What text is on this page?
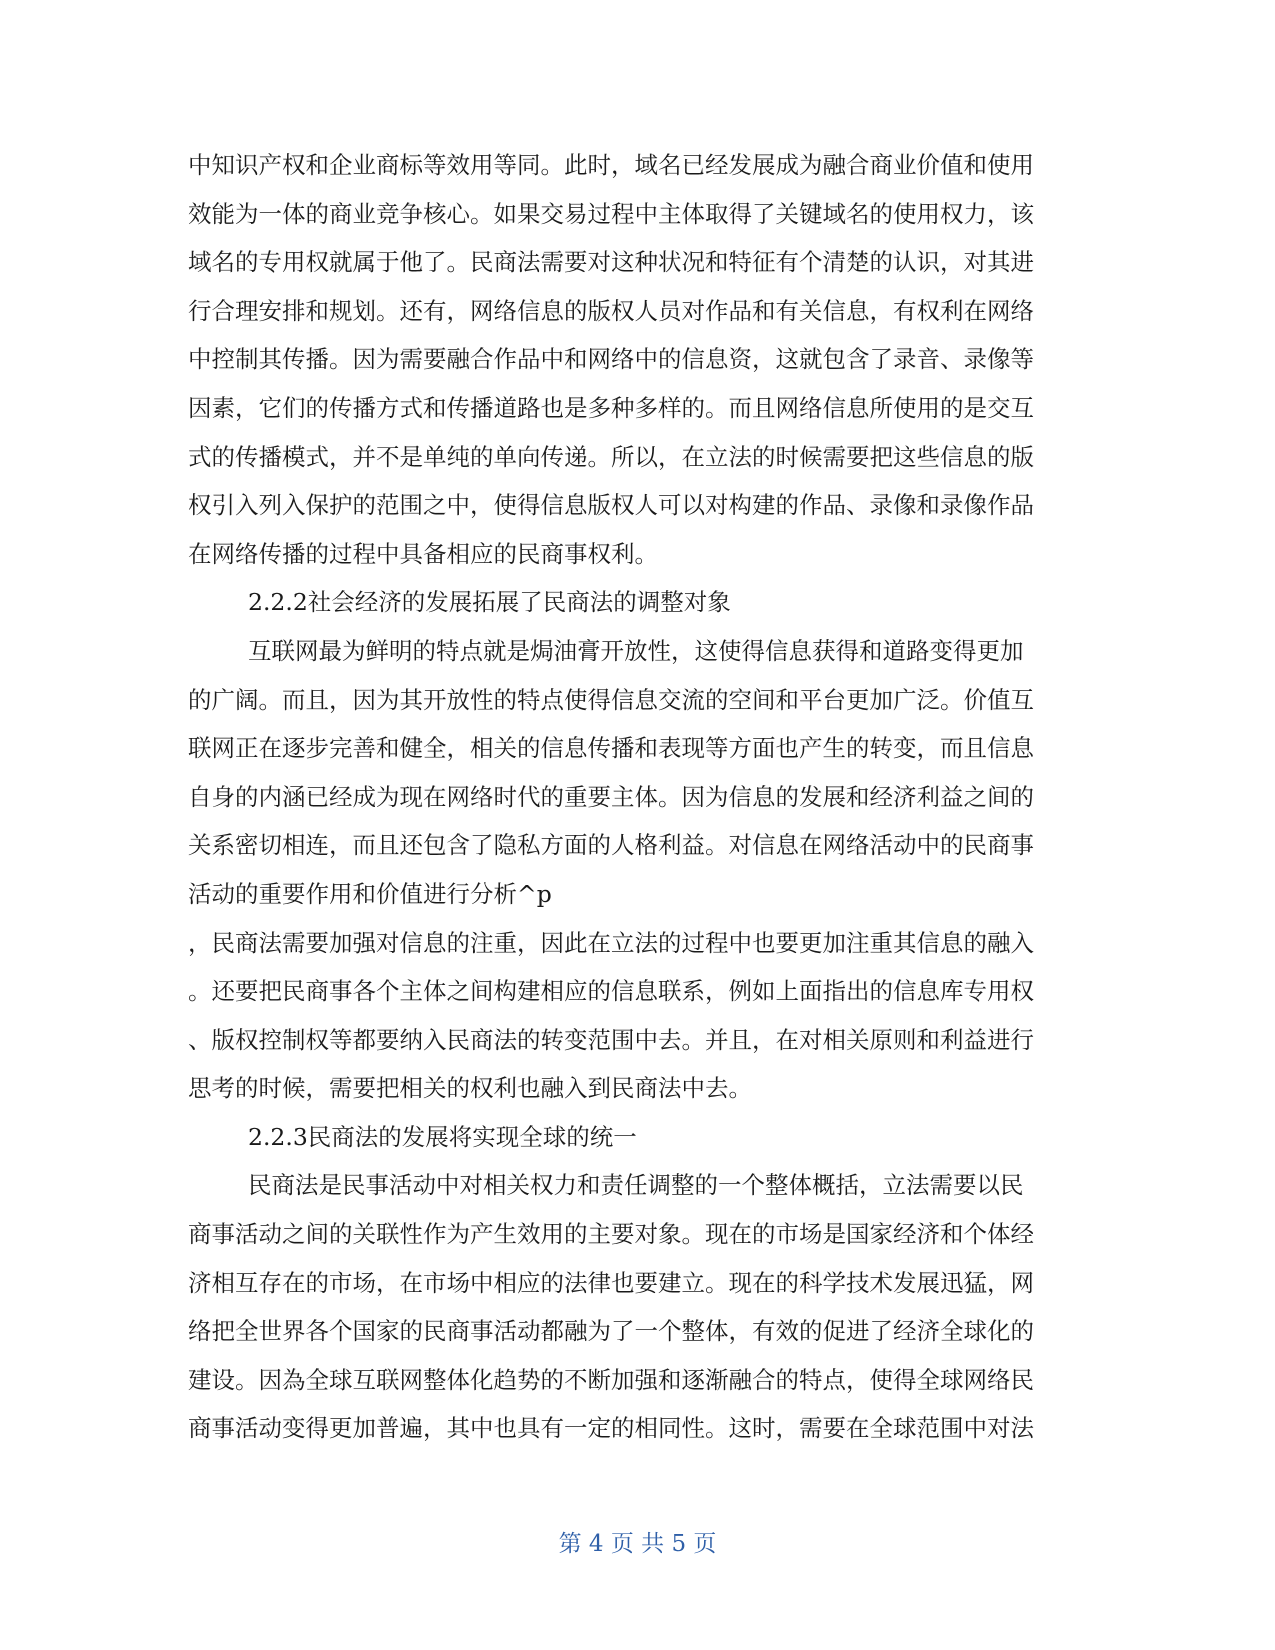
中知识产权和企业商标等效用等同。此时，域名已经发展成为融合商业价值和使用
效能为一体的商业竞争核心。如果交易过程中主体取得了关键域名的使用权力，该
域名的专用权就属于他了。民商法需要对这种状况和特征有个清楚的认识，对其进
行合理安排和规划。还有，网络信息的版权人员对作品和有关信息，有权利在网络
中控制其传播。因为需要融合作品中和网络中的信息资，这就包含了录音、录像等
因素，它们的传播方式和传播道路也是多种多样的。而且网络信息所使用的是交互
式的传播模式，并不是单纯的单向传递。所以，在立法的时候需要把这些信息的版
权引入列入保护的范围之中，使得信息版权人可以对构建的作品、录像和录像作品
在网络传播的过程中具备相应的民商事权利。
2.2.2社会经济的发展拓展了民商法的调整对象
互联网最为鲜明的特点就是焗油膏开放性，这使得信息获得和道路变得更加
的广阔。而且，因为其开放性的特点使得信息交流的空间和平台更加广泛。价值互
联网正在逐步完善和健全，相关的信息传播和表现等方面也产生的转变，而且信息
自身的内涵已经成为现在网络时代的重要主体。因为信息的发展和经济利益之间的
关系密切相连，而且还包含了隐私方面的人格利益。对信息在网络活动中的民商事
活动的重要作用和价值进行分析^p
，民商法需要加强对信息的注重，因此在立法的过程中也要更加注重其信息的融入
。还要把民商事各个主体之间构建相应的信息联系，例如上面指出的信息库专用权
、版权控制权等都要纳入民商法的转变范围中去。并且，在对相关原则和利益进行
思考的时候，需要把相关的权利也融入到民商法中去。
2.2.3民商法的发展将实现全球的统一
民商法是民事活动中对相关权力和责任调整的一个整体概括，立法需要以民
商事活动之间的关联性作为产生效用的主要对象。现在的市场是国家经济和个体经
济相互存在的市场，在市场中相应的法律也要建立。现在的科学技术发展迅猛，网
络把全世界各个国家的民商事活动都融为了一个整体，有效的促进了经济全球化的
建设。因為全球互联网整体化趋势的不断加强和逐渐融合的特点，使得全球网络民
商事活动变得更加普遍，其中也具有一定的相同性。这时，需要在全球范围中对法
第 4 页 共 5 页
